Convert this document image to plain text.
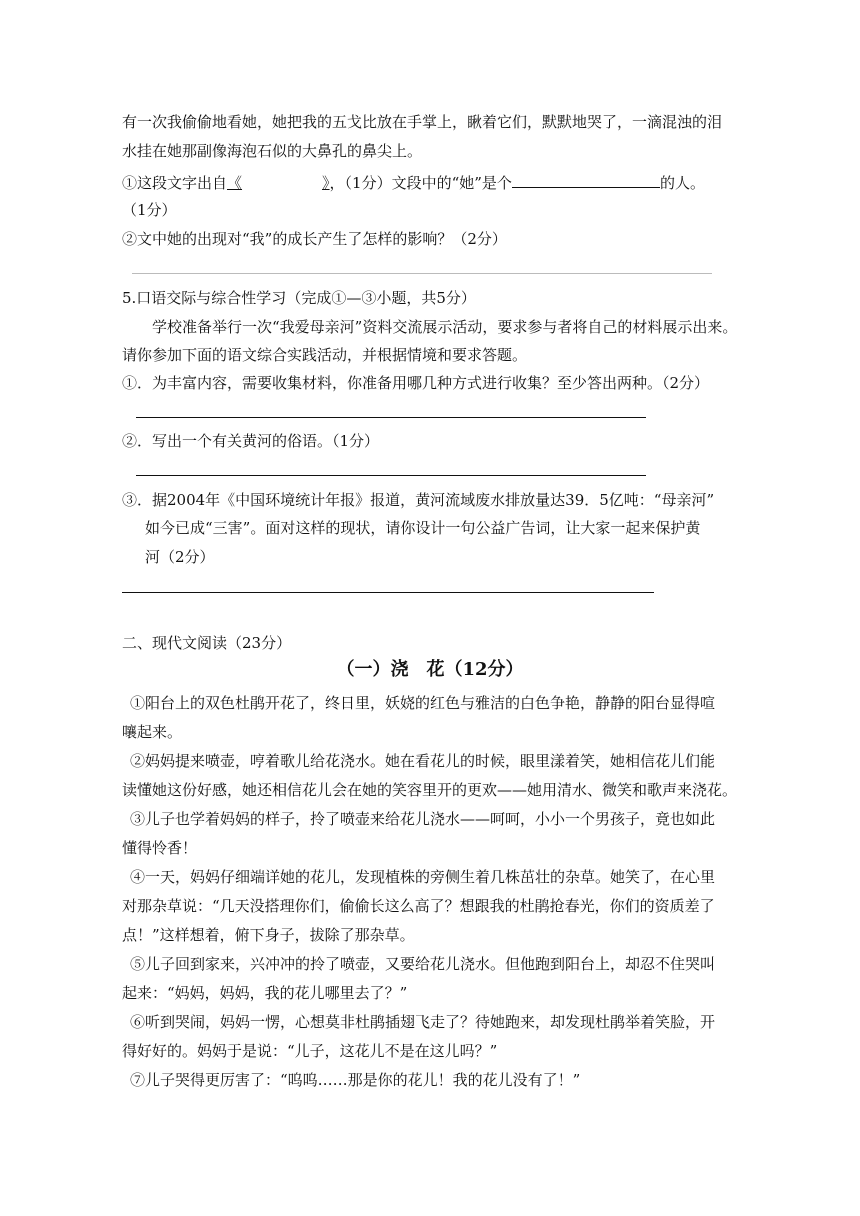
有一次我偷偷地看她，她把我的五戈比放在手掌上，瞅着它们，默默地哭了，一滴混浊的泪
水挂在她那副像海泡石似的大鼻孔的鼻尖上。
①这段文字出自《	》，（1分）文段中的“她”是个	的人。
（1分）
②文中她的出现对“我”的成长产生了怎样的影响？（2分）
5.口语交际与综合性学习（完成①—③小题，共5分）
学校准备举行一次“我爱母亲河”资料交流展示活动，要求参与者将自己的材料展示出来。
请你参加下面的语文综合实践活动，并根据情境和要求答题。
①．为丰富内容，需要收集材料，你准备用哪几种方式进行收集？至少答出两种。（2分）
②．写出一个有关黄河的俗语。（1分）
③．据2004年《中国环境统计年报》报道，黄河流域废水排放量达39．5亿吨：“母亲河”
如今已成“三害”。面对这样的现状，请你设计一句公益广告词，让大家一起来保护黄
河（2分）
二、现代文阅读（23分）
（一）浇　花（12分）
①阳台上的双色杜鹃开花了，终日里，妖娆的红色与雅洁的白色争艳，静静的阳台显得喧
嚷起来。
②妈妈提来喷壶，哼着歌儿给花浇水。她在看花儿的时候，眼里漾着笑，她相信花儿们能
读懂她这份好感，她还相信花儿会在她的笑容里开的更欢——她用清水、微笑和歌声来浇花。
③儿子也学着妈妈的样子，拎了喷壶来给花儿浇水——呵呵，小小一个男孩子，竟也如此
懂得怜香！
④一天，妈妈仔细端详她的花儿，发现植株的旁侧生着几株茁壮的杂草。她笑了，在心里
对那杂草说：“几天没搭理你们，偷偷长这么高了？想跟我的杜鹃抢春光，你们的资质差了
点！”这样想着，俯下身子，拔除了那杂草。
⑤儿子回到家来，兴冲冲的拎了喷壶，又要给花儿浇水。但他跑到阳台上，却忍不住哭叫
起来：“妈妈，妈妈，我的花儿哪里去了？”
⑥听到哭闹，妈妈一愣，心想莫非杜鹃插翅飞走了？待她跑来，却发现杜鹃举着笑脸，开
得好好的。妈妈于是说：“儿子，这花儿不是在这儿吗？”
⑦儿子哭得更厉害了：“呜呜……那是你的花儿！我的花儿没有了！”
